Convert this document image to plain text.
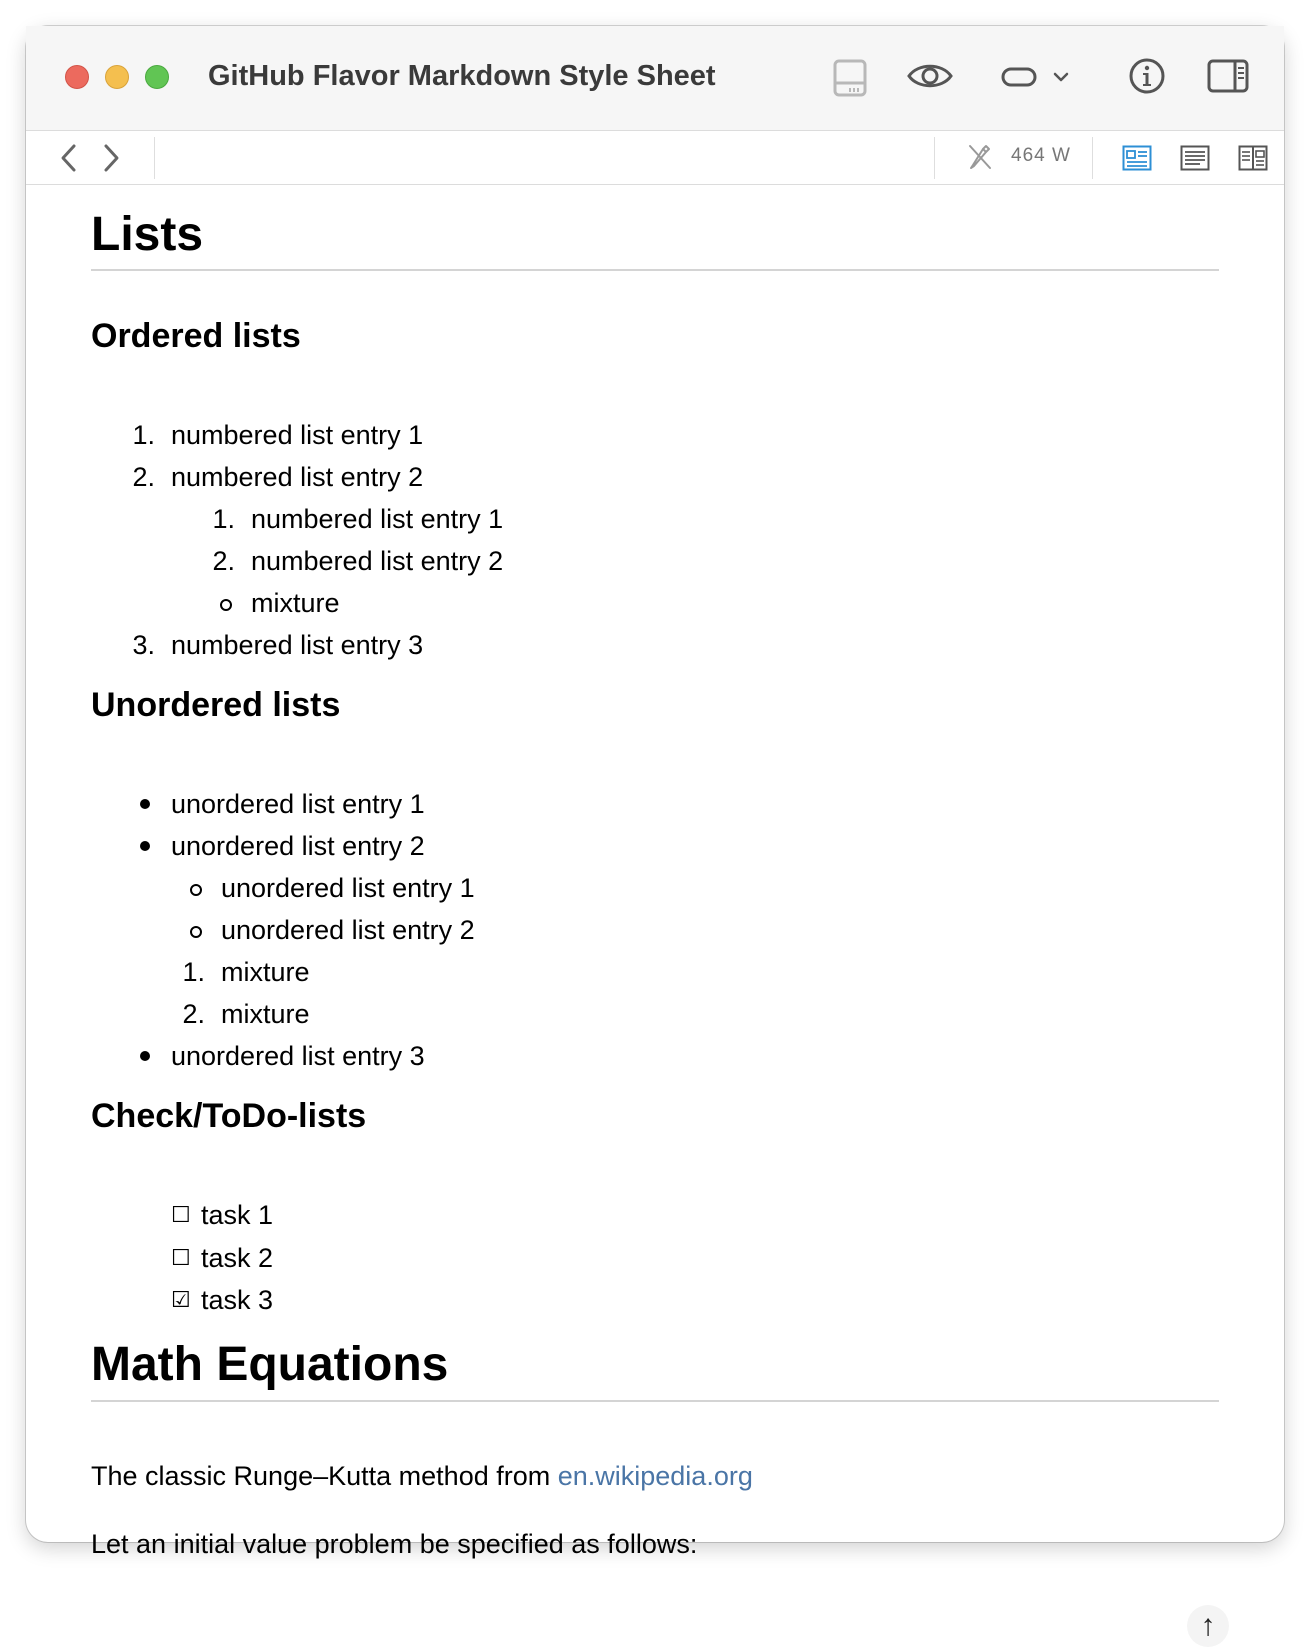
GitHub Flavor Markdown Style Sheet
464 W
Lists
Ordered lists
1. numbered list entry 1
2. numbered list entry 2
1. numbered list entry 1
2. numbered list entry 2
mixture
3. numbered list entry 3
Unordered lists
unordered list entry 1
unordered list entry 2
unordered list entry 1
unordered list entry 2
1. mixture
2. mixture
unordered list entry 3
Check/ToDo-lists
☐ task 1
☐ task 2
☑ task 3
Math Equations
The classic Runge–Kutta method from en.wikipedia.org
Let an initial value problem be specified as follows:
↑
